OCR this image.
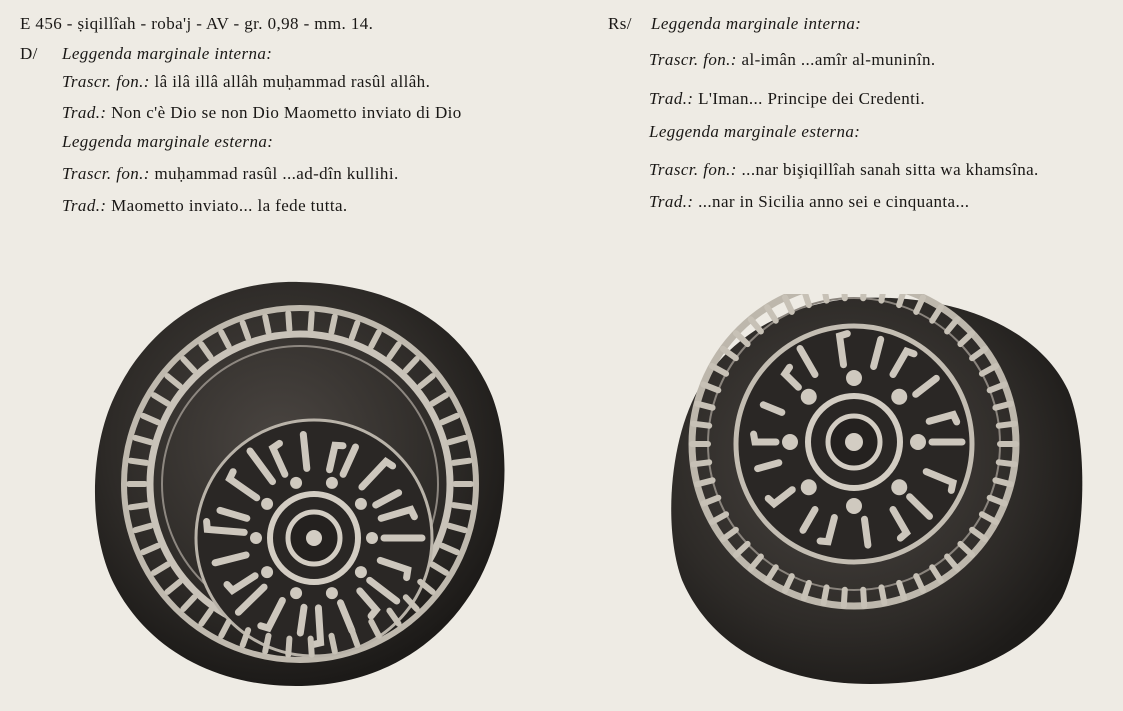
E 456 - ṣiqillîah - roba'j - AV - gr. 0,98 - mm. 14.
D/ Leggenda marginale interna:
Trascr. fon.: lâ ilâ illâ allâh muḥammad rasûl allâh.
Trad.: Non c'è Dio se non Dio Maometto inviato di Dio
Leggenda marginale esterna:
Trascr. fon.: muḥammad rasûl ...ad-dîn kullihi.
Trad.: Maometto inviato... la fede tutta.
Rs/ Leggenda marginale interna:
Trascr. fon.: al-imân ...amîr al-muninîn.
Trad.: L'Iman... Principe dei Credenti.
Leggenda marginale esterna:
Trascr. fon.: ...nar bişiqillîah sanah sitta wa khamsîna.
Trad.: ...nar in Sicilia anno sei e cinquanta...
